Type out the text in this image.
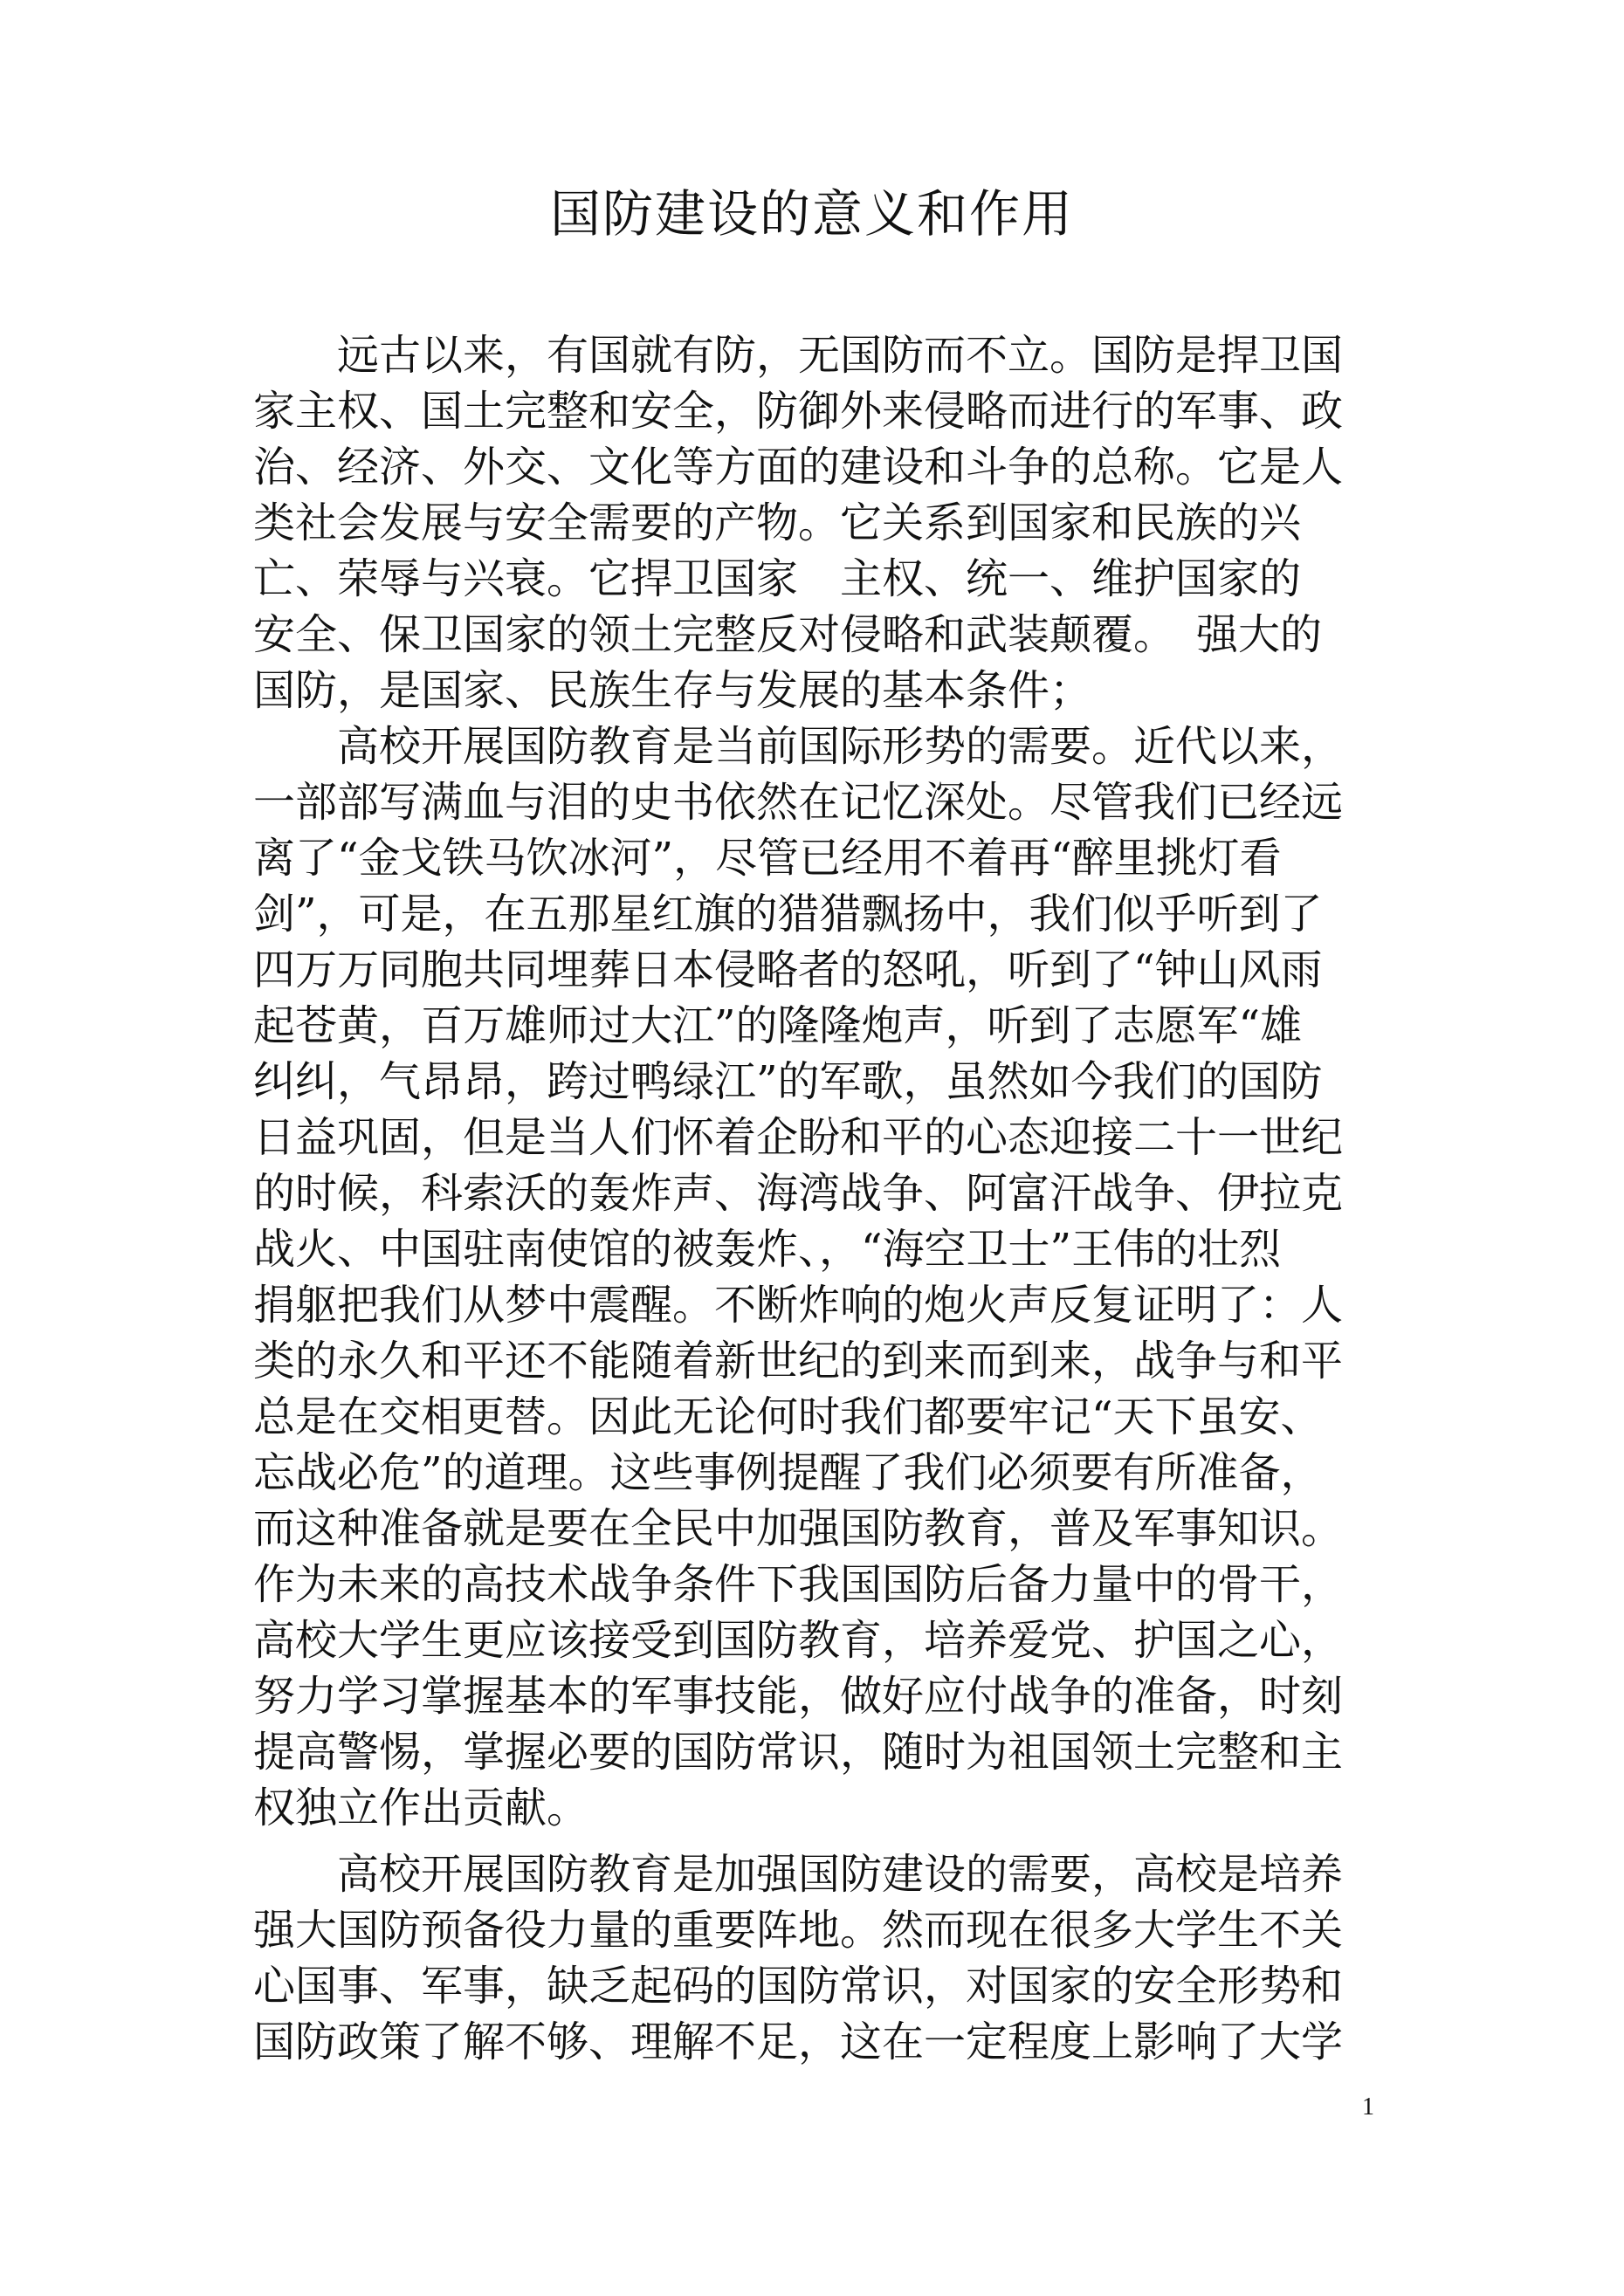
国防建设的意义和作用
远古以来，有国就有防，无国防而不立。国防是捍卫国
家主权、国土完整和安全，防御外来侵略而进行的军事、政
治、经济、外交、文化等方面的建设和斗争的总称。它是人
类社会发展与安全需要的产物。它关系到国家和民族的兴
亡、荣辱与兴衰。它捍卫国家　主权、统一、维护国家的
安全、保卫国家的领土完整反对侵略和武装颠覆。　强大的
国防，是国家、民族生存与发展的基本条件；
高校开展国防教育是当前国际形势的需要。近代以来，
一部部写满血与泪的史书依然在记忆深处。尽管我们已经远
离了“金戈铁马饮冰河”，尽管已经用不着再“醉里挑灯看
剑”，可是，在五那星红旗的猎猎飘扬中，我们似乎听到了
四万万同胞共同埋葬日本侵略者的怒吼，听到了“钟山风雨
起苍黄，百万雄师过大江”的隆隆炮声，听到了志愿军“雄
纠纠，气昂昂，跨过鸭绿江”的军歌，虽然如今我们的国防
日益巩固，但是当人们怀着企盼和平的心态迎接二十一世纪
的时候，科索沃的轰炸声、海湾战争、阿富汗战争、伊拉克
战火、中国驻南使馆的被轰炸、，“海空卫士”王伟的壮烈
捐躯把我们从梦中震醒。不断炸响的炮火声反复证明了：人
类的永久和平还不能随着新世纪的到来而到来，战争与和平
总是在交相更替。因此无论何时我们都要牢记“天下虽安、
忘战必危”的道理。这些事例提醒了我们必须要有所准备，
而这种准备就是要在全民中加强国防教育，普及军事知识。
作为未来的高技术战争条件下我国国防后备力量中的骨干，
高校大学生更应该接受到国防教育，培养爱党、护国之心，
努力学习掌握基本的军事技能，做好应付战争的准备，时刻
提高警惕，掌握必要的国防常识，随时为祖国领土完整和主
权独立作出贡献。
高校开展国防教育是加强国防建设的需要，高校是培养
强大国防预备役力量的重要阵地。然而现在很多大学生不关
心国事、军事，缺乏起码的国防常识，对国家的安全形势和
国防政策了解不够、理解不足，这在一定程度上影响了大学
1
